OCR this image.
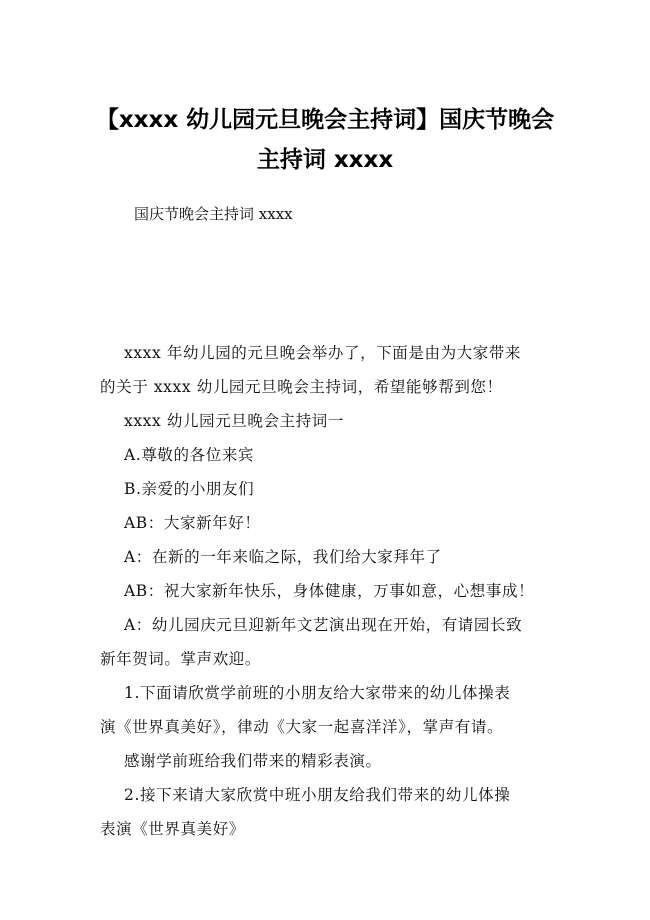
【xxxx 幼儿园元旦晚会主持词】国庆节晚会
主持词 xxxx
国庆节晚会主持词 xxxx
xxxx 年幼儿园的元旦晚会举办了，下面是由为大家带来
的关于 xxxx 幼儿园元旦晚会主持词，希望能够帮到您！
xxxx 幼儿园元旦晚会主持词一
A.尊敬的各位来宾
B.亲爱的小朋友们
AB：大家新年好！
A：在新的一年来临之际，我们给大家拜年了
AB：祝大家新年快乐，身体健康，万事如意，心想事成！
A：幼儿园庆元旦迎新年文艺演出现在开始，有请园长致
新年贺词。掌声欢迎。
1.下面请欣赏学前班的小朋友给大家带来的幼儿体操表
演《世界真美好》，律动《大家一起喜洋洋》，掌声有请。
感谢学前班给我们带来的精彩表演。
2.接下来请大家欣赏中班小朋友给我们带来的幼儿体操
表演《世界真美好》
